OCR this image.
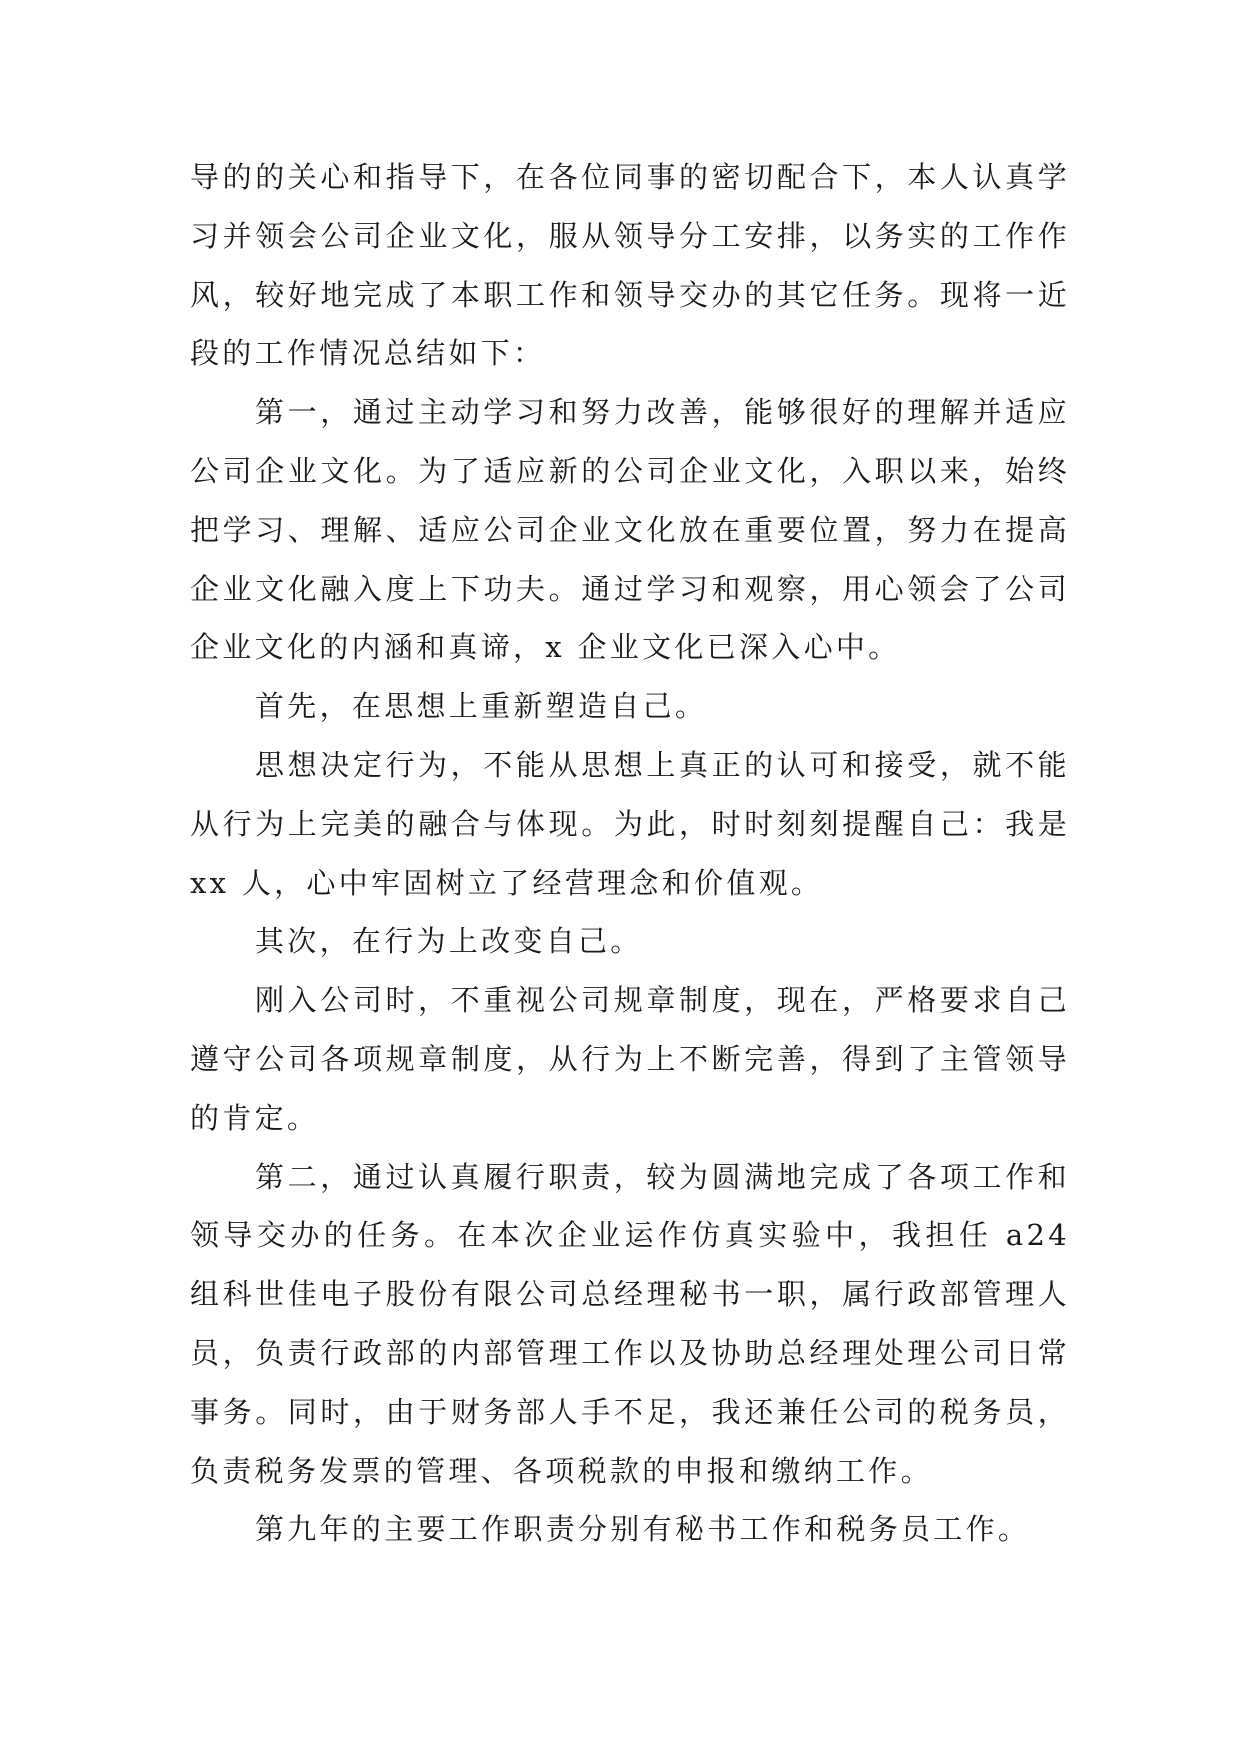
导的的关心和指导下，在各位同事的密切配合下，本人认真学习并领会公司企业文化，服从领导分工安排，以务实的工作作风，较好地完成了本职工作和领导交办的其它任务。现将一近段的工作情况总结如下：

第一，通过主动学习和努力改善，能够很好的理解并适应公司企业文化。为了适应新的公司企业文化，入职以来，始终把学习、理解、适应公司企业文化放在重要位置，努力在提高企业文化融入度上下功夫。通过学习和观察，用心领会了公司企业文化的内涵和真谛，x 企业文化已深入心中。

首先，在思想上重新塑造自己。

思想决定行为，不能从思想上真正的认可和接受，就不能从行为上完美的融合与体现。为此，时时刻刻提醒自己：我是 xx 人，心中牢固树立了经营理念和价值观。

其次，在行为上改变自己。

刚入公司时，不重视公司规章制度，现在，严格要求自己遵守公司各项规章制度，从行为上不断完善，得到了主管领导的肯定。

第二，通过认真履行职责，较为圆满地完成了各项工作和领导交办的任务。在本次企业运作仿真实验中，我担任 a24 组科世佳电子股份有限公司总经理秘书一职，属行政部管理人员，负责行政部的内部管理工作以及协助总经理处理公司日常事务。同时，由于财务部人手不足，我还兼任公司的税务员，负责税务发票的管理、各项税款的申报和缴纳工作。

第九年的主要工作职责分别有秘书工作和税务员工作。
